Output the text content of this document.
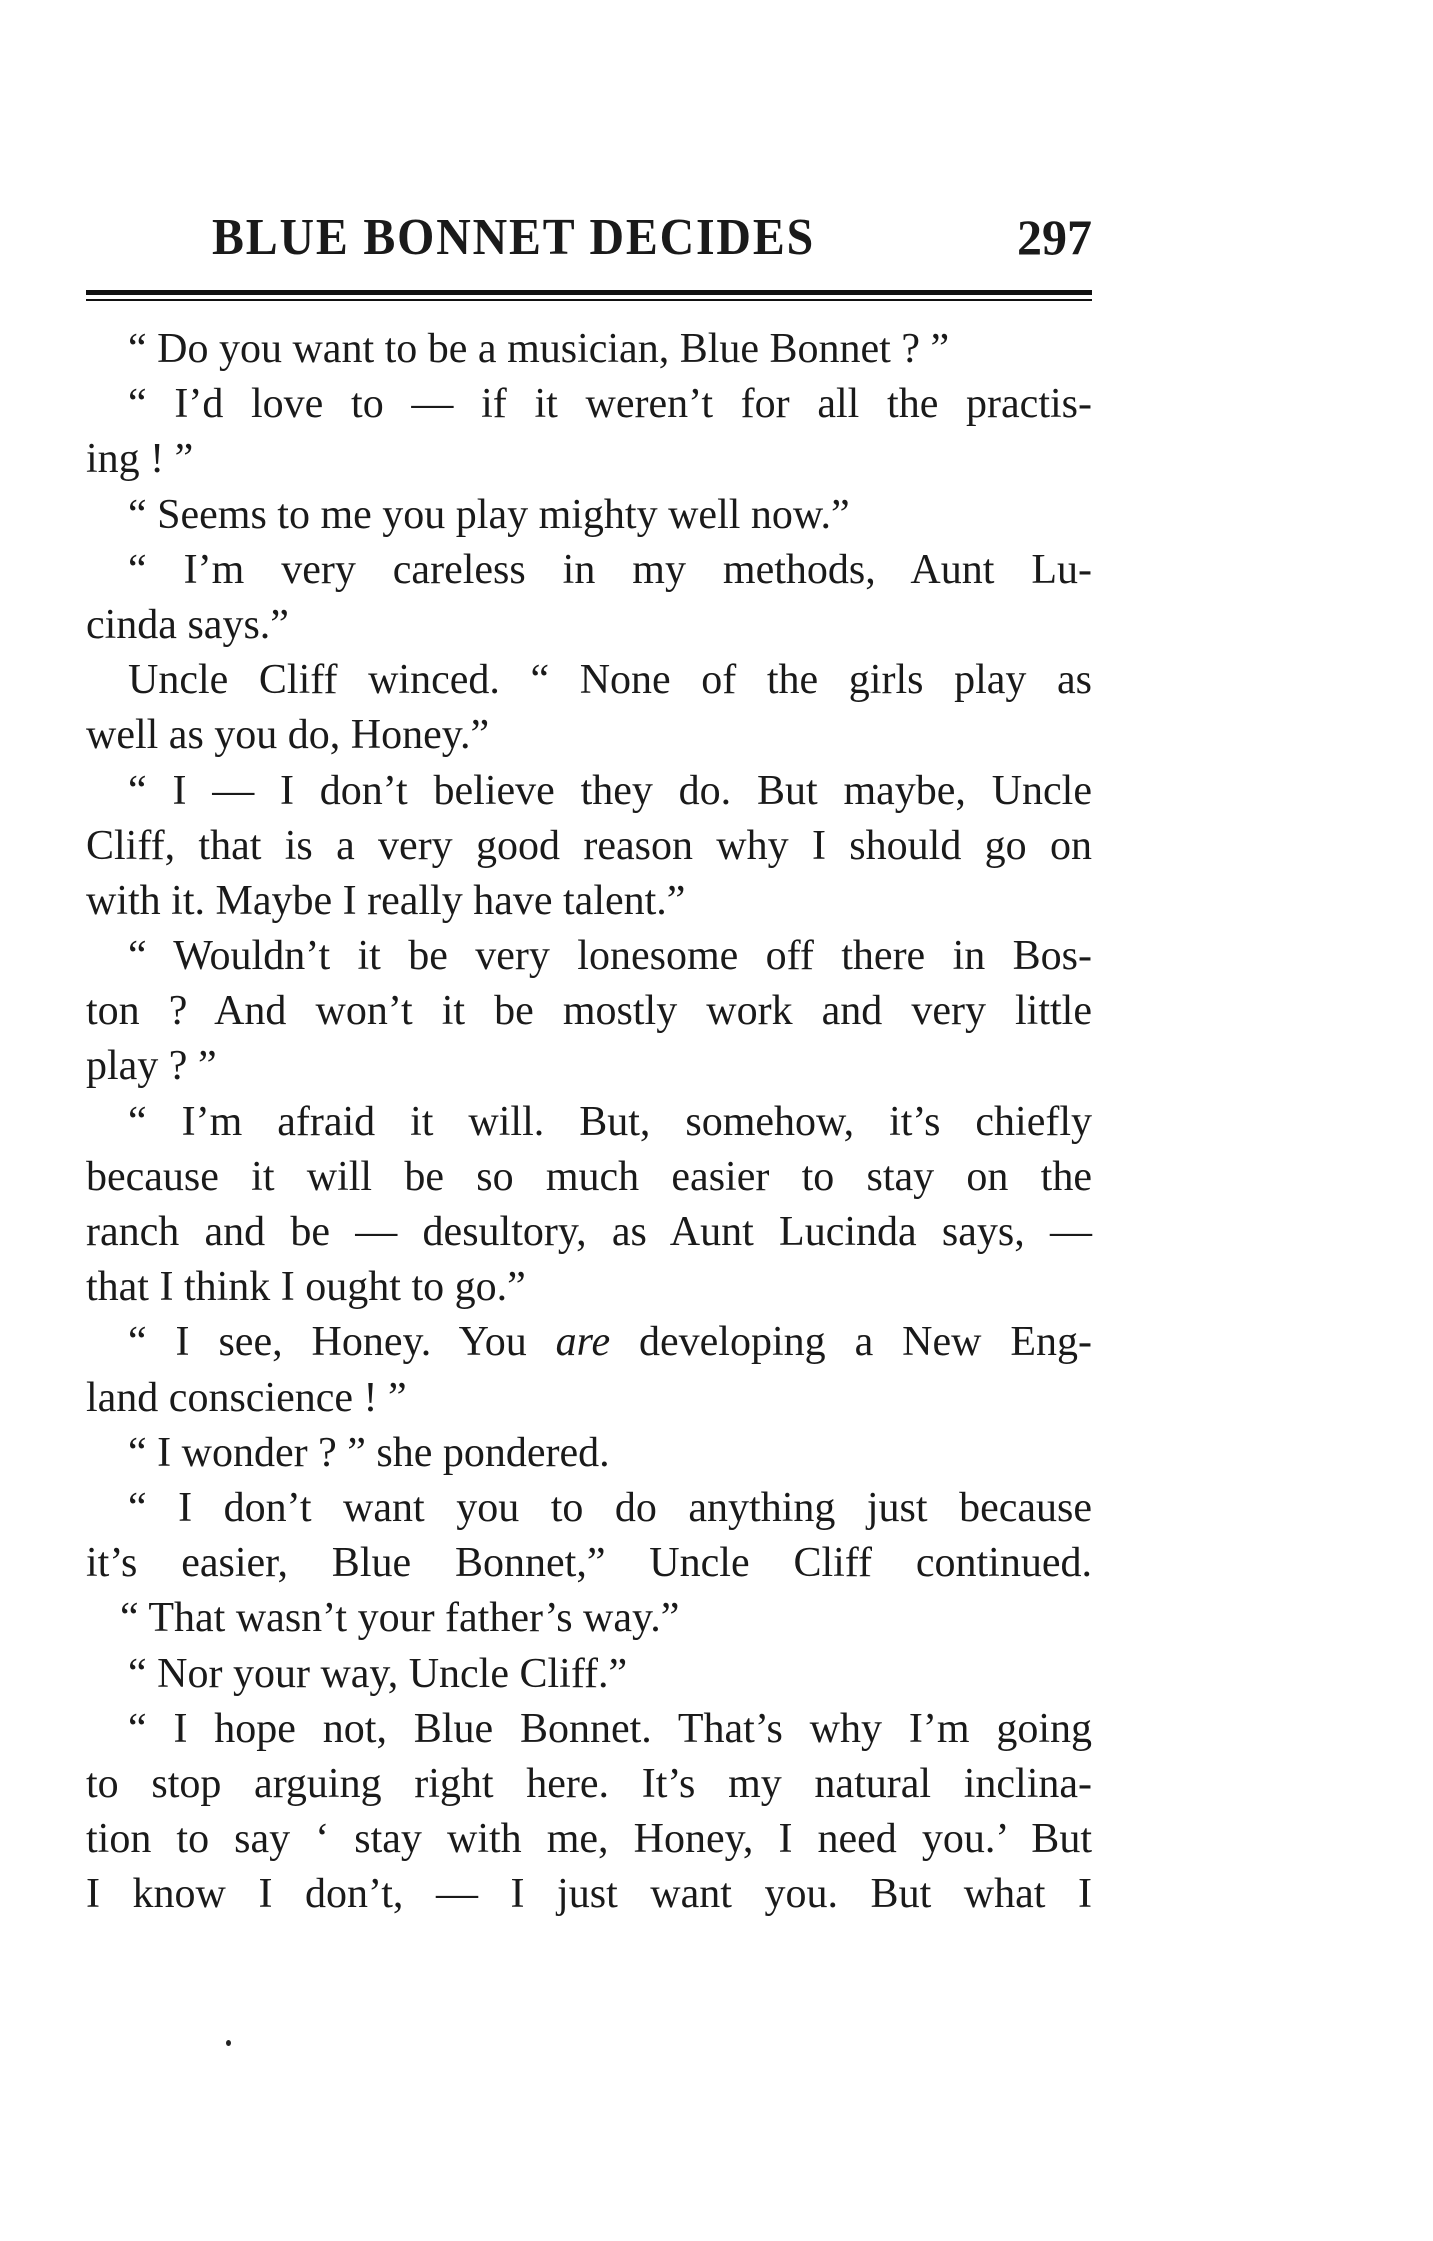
BLUE BONNET DECIDES	297
“ Do you want to be a musician, Blue Bonnet ? ”
“ I’d love to — if it weren’t for all the practis-
ing ! ”
“ Seems to me you play mighty well now.”
“ I’m very careless in my methods, Aunt Lu-
cinda says.”
Uncle Cliff winced. “ None of the girls play as
well as you do, Honey.”
“ I — I don’t believe they do. But maybe, Uncle
Cliff, that is a very good reason why I should go on
with it. Maybe I really have talent.”
“ Wouldn’t it be very lonesome off there in Bos-
ton ? And won’t it be mostly work and very little
play ? ”
“ I’m afraid it will. But, somehow, it’s chiefly
because it will be so much easier to stay on the
ranch and be — desultory, as Aunt Lucinda says, —
that I think I ought to go.”
“ I see, Honey. You are developing a New Eng-
land conscience ! ”
“ I wonder ? ” she pondered.
“ I don’t want you to do anything just because
it’s easier, Blue Bonnet,” Uncle Cliff continued.
“ That wasn’t your father’s way.”
“ Nor your way, Uncle Cliff.”
“ I hope not, Blue Bonnet. That’s why I’m going
to stop arguing right here. It’s my natural inclina-
tion to say ‘ stay with me, Honey, I need you.’ But
I know I don’t, — I just want you. But what I
